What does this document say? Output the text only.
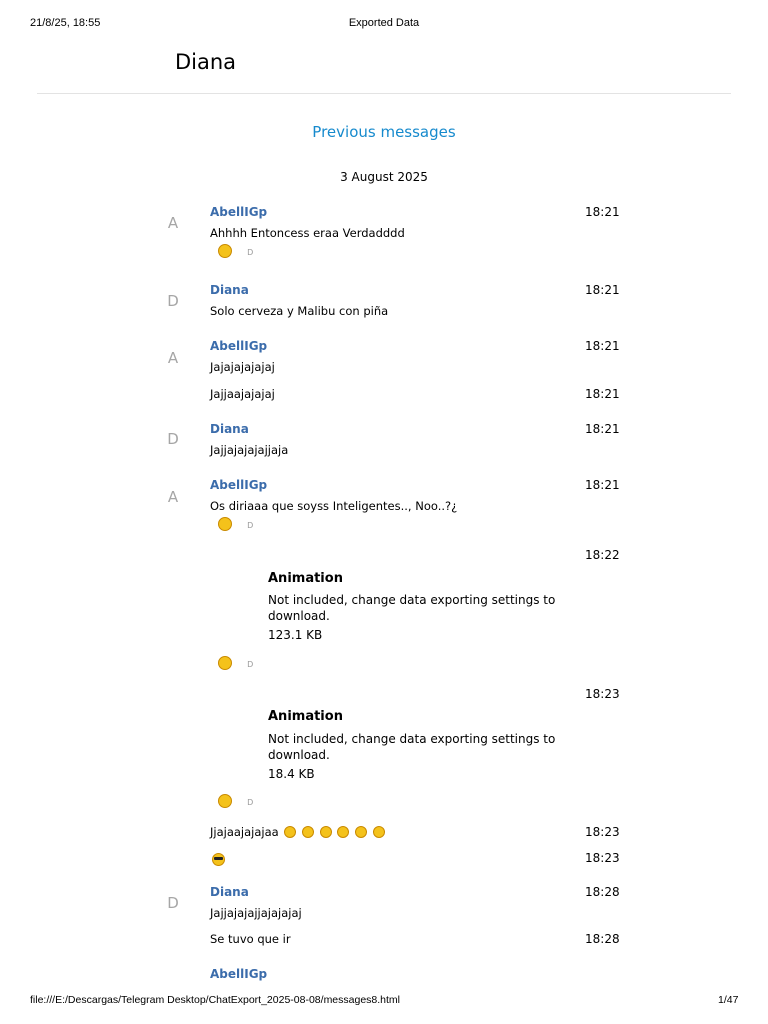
21/8/25, 18:55	Exported Data
Diana
Previous messages
3 August 2025
A
AbellIGp	18:21
Ahhhh Entoncess eraa Verdadddd
D
D
Diana	18:21
Solo cerveza y Malibu con piña
A
AbellIGp	18:21
Jajajajajajaj
18:21
Jajjaajajajaj
D
Diana	18:21
Jajjajajajajjaja
A
AbellIGp	18:21
Os diriaaa que soyss Inteligentes.., Noo..?¿
D
18:22
Animation
Not included, change data exporting settings to download.
123.1 KB
D
18:23
Animation
Not included, change data exporting settings to download.
18.4 KB
D
18:23
Jjajaajajajaa
18:23
D
Diana	18:28
Jajjajajajjajajajaj
18:28
Se tuvo que ir
AbellIGp
file:///E:/Descargas/Telegram Desktop/ChatExport_2025-08-08/messages8.html	1/47
